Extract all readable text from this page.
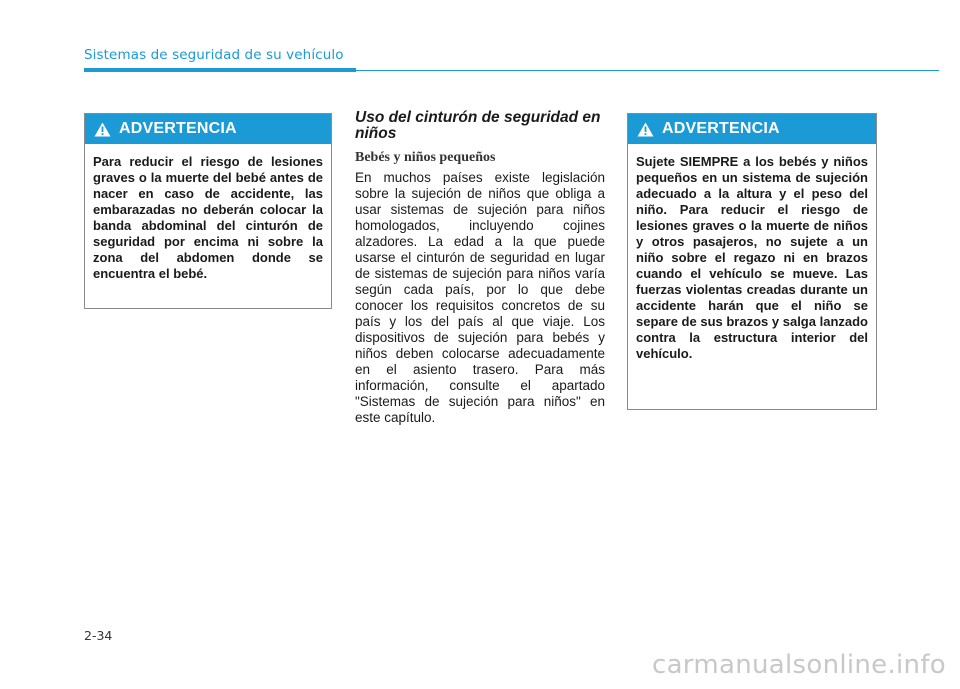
Sistemas de seguridad de su vehículo
ADVERTENCIA

Para reducir el riesgo de lesiones graves o la muerte del bebé antes de nacer en caso de accidente, las embarazadas no deberán colocar la banda abdominal del cinturón de seguridad por encima ni sobre la zona del abdomen donde se encuentra el bebé.

Uso del cinturón de seguridad en niños
Bebés y niños pequeños

En muchos países existe legislación sobre la sujeción de niños que obliga a usar sistemas de sujeción para niños homologados, incluyendo cojines alzadores. La edad a la que puede usarse el cinturón de seguridad en lugar de sistemas de sujeción para niños varía según cada país, por lo que debe conocer los requisitos concretos de su país y los del país al que viaje. Los dispositivos de sujeción para bebés y niños deben colocarse adecuadamente en el asiento trasero. Para más información, consulte el apartado "Sistemas de sujeción para niños" en este capítulo.

ADVERTENCIA

Sujete SIEMPRE a los bebés y niños pequeños en un sistema de sujeción adecuado a la altura y el peso del niño. Para reducir el riesgo de lesiones graves o la muerte de niños y otros pasajeros, no sujete a un niño sobre el regazo ni en brazos cuando el vehículo se mueve. Las fuerzas violentas creadas durante un accidente harán que el niño se separe de sus brazos y salga lanzado contra la estructura interior del vehículo.

2-34
carmanualsonline.info
